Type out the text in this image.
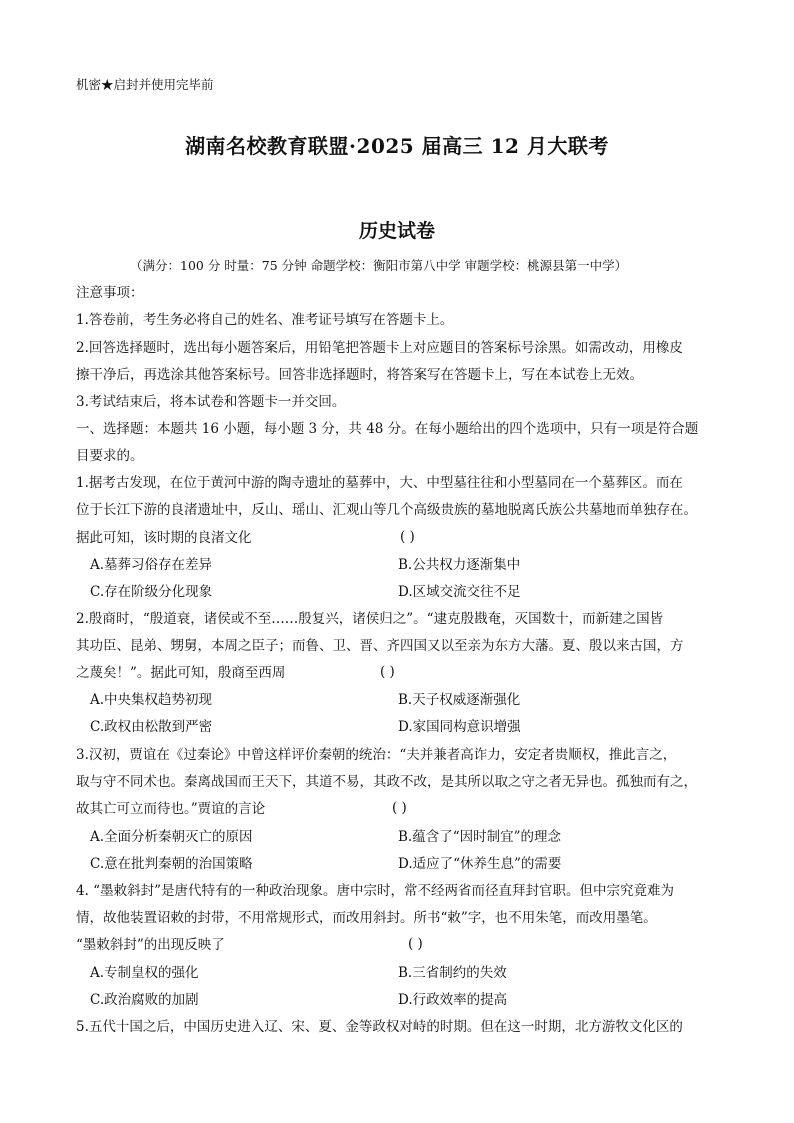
机密★启封并使用完毕前
湖南名校教育联盟·2025 届高三 12 月大联考
历史试卷
（满分：100 分 时量：75 分钟 命题学校：衡阳市第八中学 审题学校：桃源县第一中学）
注意事项：
1.答卷前，考生务必将自己的姓名、准考证号填写在答题卡上。
2.回答选择题时，选出每小题答案后，用铅笔把答题卡上对应题目的答案标号涂黑。如需改动，用橡皮
擦干净后，再选涂其他答案标号。回答非选择题时，将答案写在答题卡上，写在本试卷上无效。
3.考试结束后，将本试卷和答题卡一并交回。
一、选择题：本题共 16 小题，每小题 3 分，共 48 分。在每小题给出的四个选项中，只有一项是符合题
目要求的。
1.据考古发现，在位于黄河中游的陶寺遗址的墓葬中，大、中型墓往往和小型墓同在一个墓葬区。而在
位于长江下游的良渚遗址中，反山、瑶山、汇观山等几个高级贵族的墓地脱离氏族公共墓地而单独存在。
据此可知，该时期的良渚文化	( )
A.墓葬习俗存在差异	B.公共权力逐渐集中
C.存在阶级分化现象	D.区域交流交往不足
2.殷商时，“殷道衰，诸侯或不至……殷复兴，诸侯归之”。“逮克殷戡奄，灭国数十，而新建之国皆
其功臣、昆弟、甥舅，本周之臣子；而鲁、卫、晋、齐四国又以至亲为东方大藩。夏、殷以来古国，方
之蔑矣！”。据此可知，殷商至西周	( )
A.中央集权趋势初现	B.天子权威逐渐强化
C.政权由松散到严密	D.家国同构意识增强
3.汉初，贾谊在《过秦论》中曾这样评价秦朝的统治：“夫并兼者高诈力，安定者贵顺权，推此言之，
取与守不同术也。秦离战国而王天下，其道不易，其政不改，是其所以取之守之者无异也。孤独而有之，
故其亡可立而待也。”贾谊的言论	( )
A.全面分析秦朝灭亡的原因	B.蕴含了“因时制宜”的理念
C.意在批判秦朝的治国策略	D.适应了“休养生息”的需要
4. “墨敕斜封”是唐代特有的一种政治现象。唐中宗时，常不经两省而径直拜封官职。但中宗究竟难为
情，故他装置诏敕的封带，不用常规形式，而改用斜封。所书“敕”字，也不用朱笔，而改用墨笔。
“墨敕斜封”的出现反映了	( )
A.专制皇权的强化	B.三省制约的失效
C.政治腐败的加剧	D.行政效率的提高
5.五代十国之后，中国历史进入辽、宋、夏、金等政权对峙的时期。但在这一时期，北方游牧文化区的
